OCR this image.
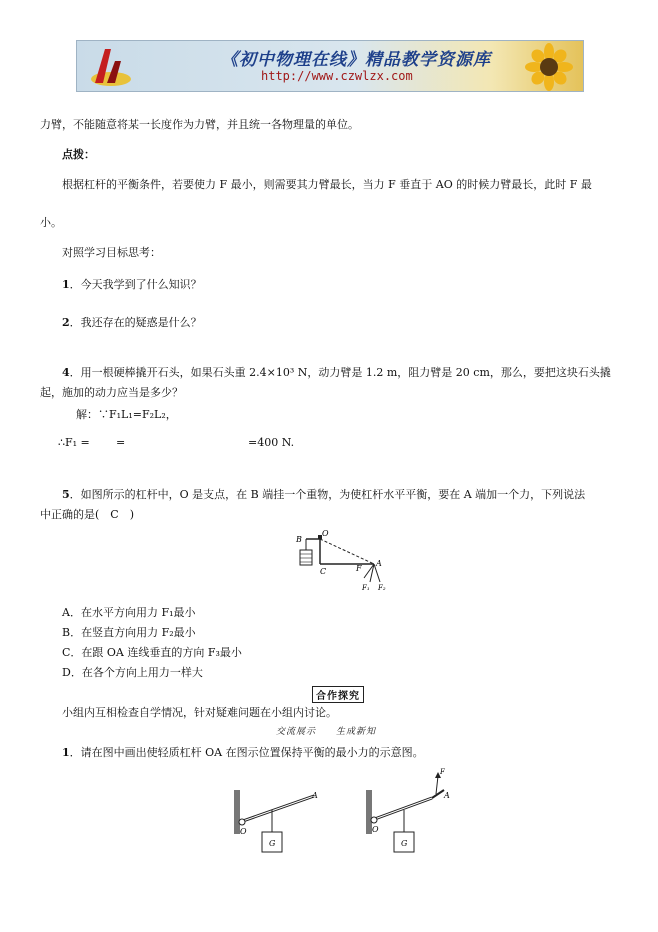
《初中物理在线》精品教学资源库
http://www.czwlzx.com
力臂，不能随意将某一长度作为力臂，并且统一各物理量的单位。
点拨：
根据杠杆的平衡条件，若要使力 F 最小，则需要其力臂最长，当力 F 垂直于 AO 的时候力臂最长，此时 F 最
小。
对照学习目标思考：
1．今天我学到了什么知识？
2．我还存在的疑惑是什么？
4．用一根硬棒撬开石头，如果石头重 2.4×10³ N，动力臂是 1.2 m，阻力臂是 20 cm，那么，要把这块石头撬
起，施加的动力应当是多少？
解：∵F₁L₁=F₂L₂，
∴F₁ = =	=400 N.
5．如图所示的杠杆中，O 是支点，在 B 端挂一个重物，为使杠杆水平平衡，要在 A 端加一个力，下列说法
中正确的是(　C　)
B
O
C	F
A
F₁ F₂
A．在水平方向用力 F₁最小
B．在竖直方向用力 F₂最小
C．在跟 OA 连线垂直的方向 F₃最小
D．在各个方向上用力一样大
合作探究
小组内互相检查自学情况，针对疑难问题在小组内讨论。
交流展示　　生成新知
1．请在图中画出使轻质杠杆 OA 在图示位置保持平衡的最小力的示意图。
A
O
G
F
A
O
G
